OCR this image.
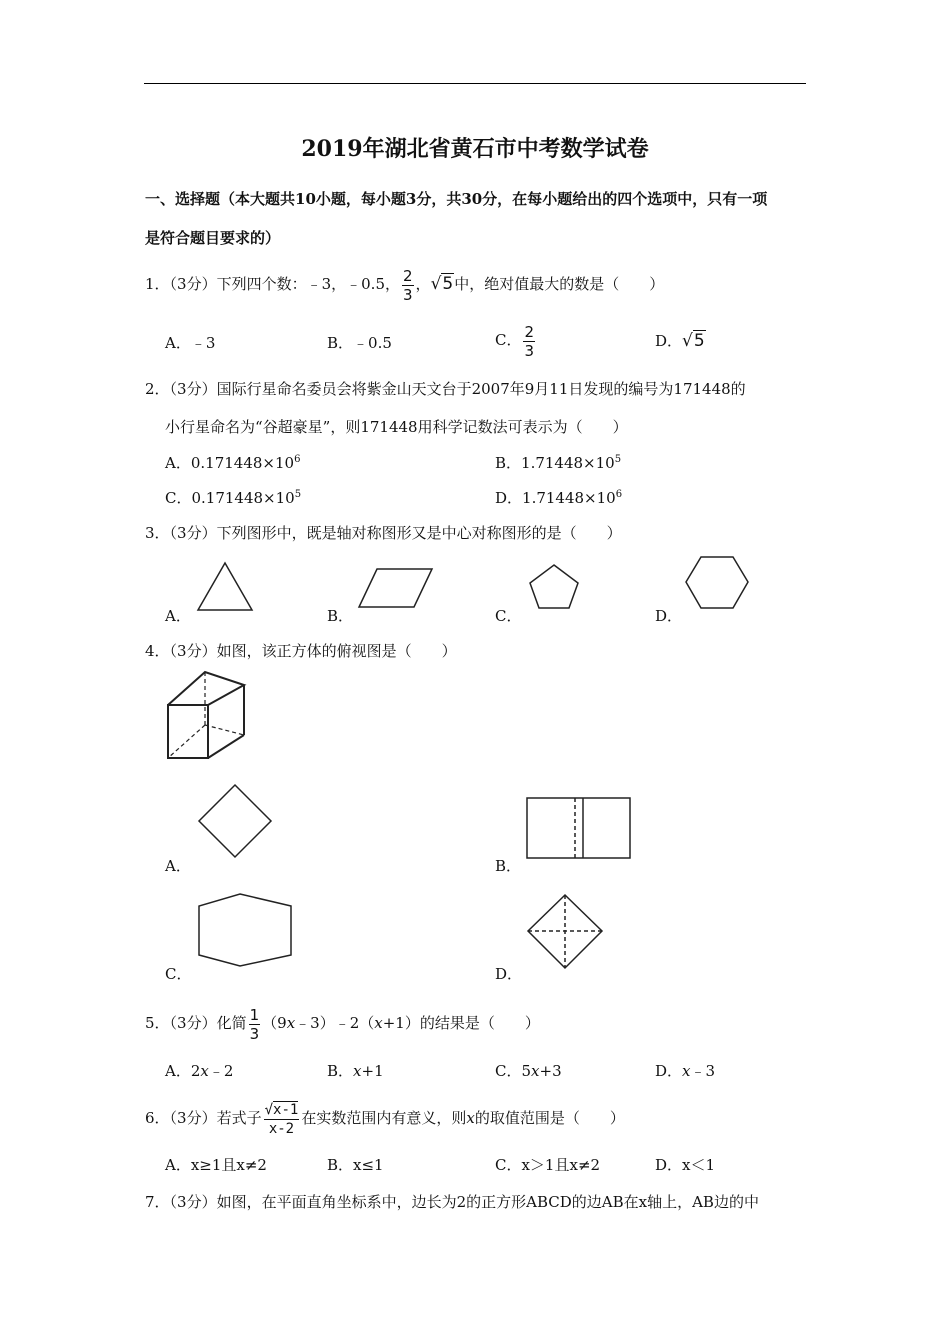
2019年湖北省黄石市中考数学试卷
一、选择题（本大题共10小题，每小题3分，共30分，在每小题给出的四个选项中，只有一项
是符合题目要求的）
1．（3分）下列四个数：﹣3，﹣0.5， $\frac{2}{3}$ ，√5中，绝对值最大的数是（　　）
A．﹣3	B．﹣0.5	C． $\frac{2}{3}$	D．√5
2．（3分）国际行星命名委员会将紫金山天文台于2007年9月11日发现的编号为171448的
小行星命名为“谷超豪星”，则171448用科学记数法可表示为（　　）
A．$0.171448\times 10^6$	B．$1.71448\times 10^5$
C．$0.171448\times 10^5$	D．$1.71448\times 10^6$
3．（3分）下列图形中，既是轴对称图形又是中心对称图形的是（　　）
A．	B．	C．	D．
4．（3分）如图，该正方体的俯视图是（　　）
A．	B．
C．	D．
5．（3分）化简 $\frac{1}{3}$ （9x﹣3）﹣2（x+1）的结果是（　　）
A．2x﹣2	B．x+1	C．5x+3	D．x﹣3
6．（3分）若式子 $\frac{√x-1}{x-2}$ 在实数范围内有意义，则x的取值范围是（　　）
A．x≥1且x≠2	B．x≤1	C．x＞1且x≠2	D．x＜1
7．（3分）如图，在平面直角坐标系中，边长为2的正方形ABCD的边AB在x轴上，AB边的中
